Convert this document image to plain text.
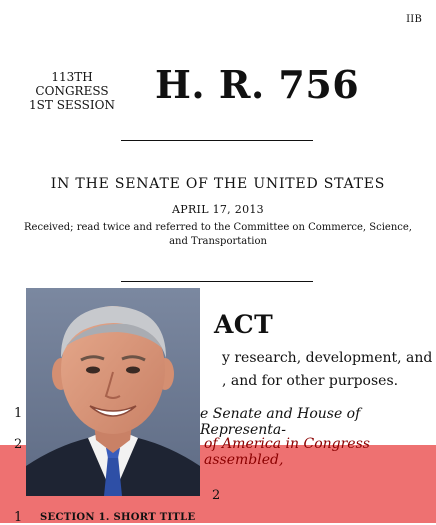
IIB
113TH CONGRESS
1ST SESSION	H. R. 756
IN THE SENATE OF THE UNITED STATES
APRIL 17, 2013
Received; read twice and referred to the Committee on Commerce, Science, and Transportation
ACT
y research, development, and
, and for other purposes.
1	e Senate and House of Representa-
2	of America in Congress assembled,
2
1 SECTION 1. SHORT TITLE
